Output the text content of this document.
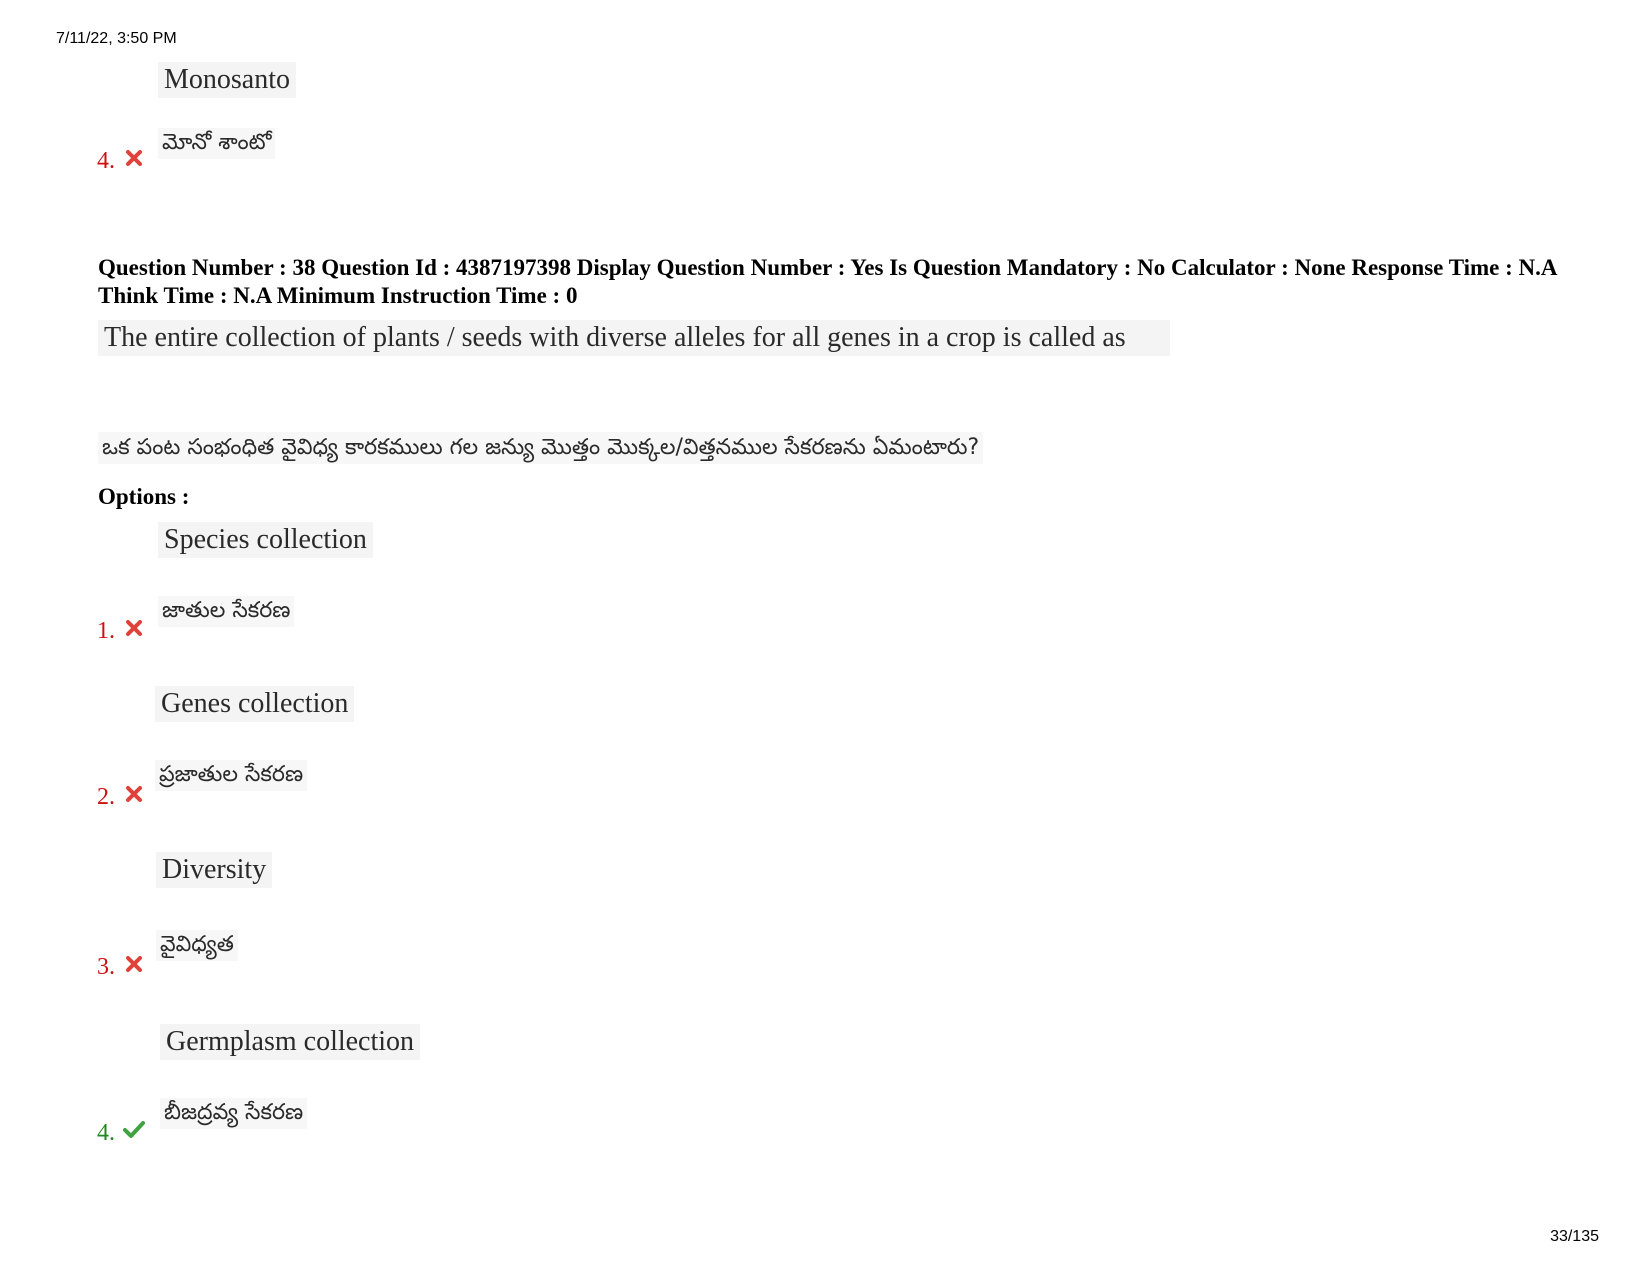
7/11/22, 3:50 PM
Monosanto
మోనో శాంటో
4.
Question Number : 38 Question Id : 4387197398 Display Question Number : Yes Is Question Mandatory : No Calculator : None Response Time : N.A Think Time : N.A Minimum Instruction Time : 0
The entire collection of plants / seeds with diverse alleles for all genes in a crop is called as
ఒక పంట సంభంధిత వైవిధ్య కారకములు గల జన్యు మొత్తం మొక్కల/విత్తనముల సేకరణను ఏమంటారు?
Options :
Species collection
జాతుల సేకరణ
1.
Genes collection
ప్రజాతుల సేకరణ
2.
Diversity
వైవిధ్యత
3.
Germplasm collection
బీజద్రవ్య సేకరణ
4.
33/135
